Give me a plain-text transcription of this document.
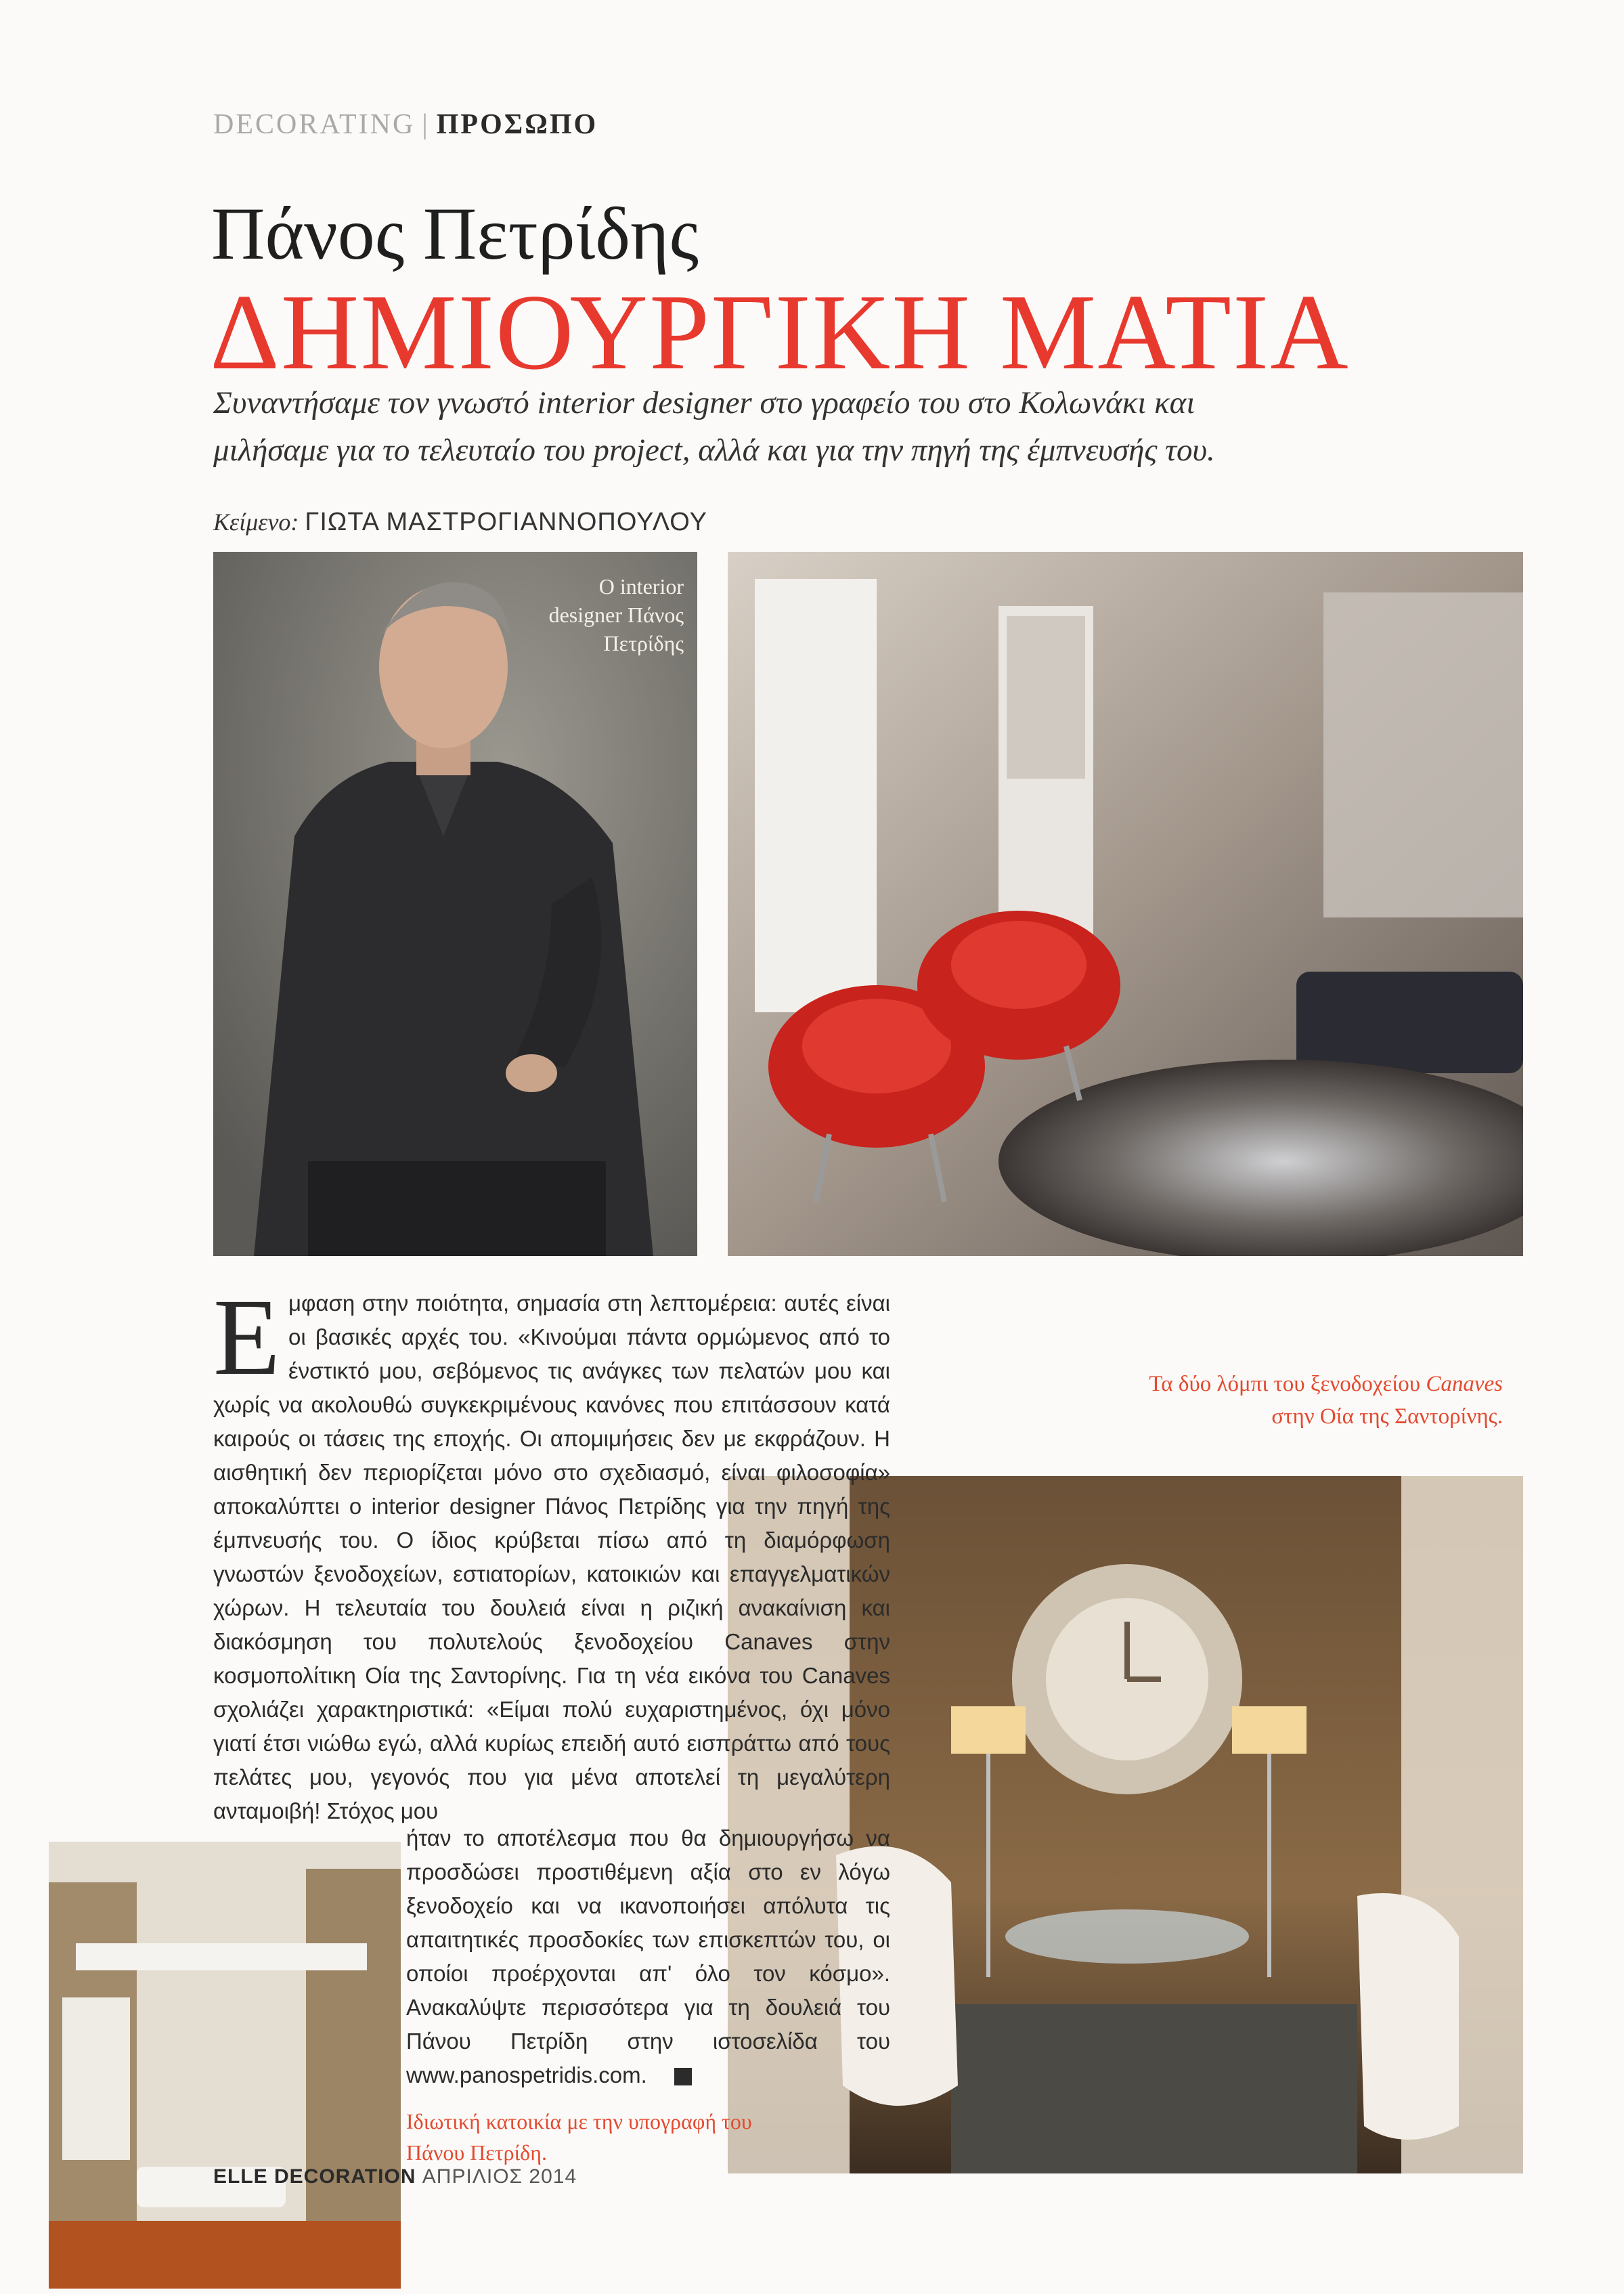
DECORATING | ΠΡΟΣΩΠΟ
Πάνος Πετρίδης
ΔΗΜΙΟΥΡΓΙΚΗ ΜΑΤΙΑ
Συναντήσαμε τον γνωστό interior designer στο γραφείο του στο Κολωνάκι και μιλήσαμε για το τελευταίο του project, αλλά και για την πηγή της έμπνευσής του.
Κείμενο: ΓΙΩΤΑ ΜΑΣΤΡΟΓΙΑΝΝΟΠΟΥΛΟΥ
Ο interior designer Πάνος Πετρίδης
Τα δύο λόμπι του ξενοδοχείου Canaves
στην Οία της Σαντορίνης.
Ιδιωτική κατοικία με την υπογραφή του Πάνου Πετρίδη.
Εμφαση στην ποιότητα, σημασία στη λεπτομέρεια: αυτές είναι οι βασικές αρχές του. «Κινούμαι πάντα ορμώμενος από το ένστικτό μου, σεβόμενος τις ανάγκες των πελατών μου και χωρίς να ακολουθώ συγκεκριμένους κανόνες που επιτάσσουν κατά καιρούς οι τάσεις της εποχής. Οι απομιμήσεις δεν με εκφράζουν. Η αισθητική δεν περιορίζεται μόνο στο σχεδιασμό, είναι φιλοσοφία» αποκαλύπτει ο interior designer Πάνος Πετρίδης για την πηγή της έμπνευσής του. Ο ίδιος κρύβεται πίσω από τη διαμόρφωση γνωστών ξενοδοχείων, εστιατορίων, κατοικιών και επαγγελματικών χώρων. Η τελευταία του δουλειά είναι η ριζική ανακαίνιση και διακόσμηση του πολυτελούς ξενοδοχείου Canaves στην κοσμοπολίτικη Οία της Σαντορίνης. Για τη νέα εικόνα του Canaves σχολιάζει χαρακτηριστικά: «Είμαι πολύ ευχαριστημένος, όχι μόνο γιατί έτσι νιώθω εγώ, αλλά κυρίως επειδή αυτό εισπράττω από τους πελάτες μου, γεγονός που για μένα αποτελεί τη μεγαλύτερη ανταμοιβή! Στόχος μου
ήταν το αποτέλεσμα που θα δημιουργήσω να προσδώσει προστιθέμενη αξία στο εν λόγω ξενοδοχείο και να ικανοποιήσει απόλυτα τις απαιτητικές προσδοκίες των επισκεπτών του, οι οποίοι προέρχονται απ' όλο τον κόσμο». Ανακαλύψτε περισσότερα για τη δουλειά του Πάνου Πετρίδη στην ιστοσελίδα του www.panospetridis.com.
ELLE DECORATION ΑΠΡΙΛΙΟΣ 2014
